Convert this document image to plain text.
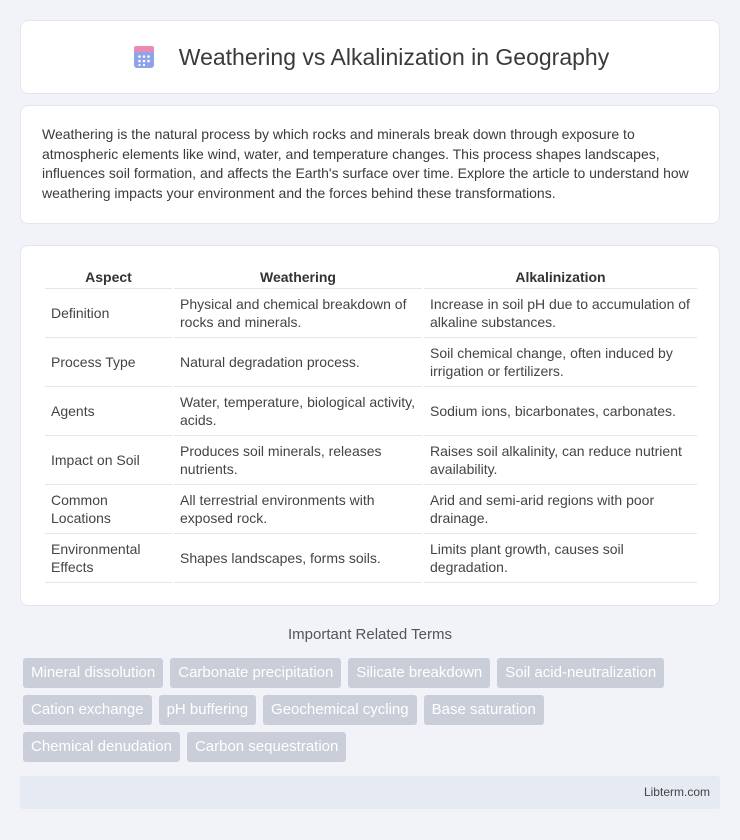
Weathering vs Alkalinization in Geography

Weathering is the natural process by which rocks and minerals break down through exposure to atmospheric elements like wind, water, and temperature changes. This process shapes landscapes, influences soil formation, and affects the Earth's surface over time. Explore the article to understand how weathering impacts your environment and the forces behind these transformations.

Aspect	Weathering	Alkalinization
Definition	Physical and chemical breakdown of rocks and minerals.	Increase in soil pH due to accumulation of alkaline substances.
Process Type	Natural degradation process.	Soil chemical change, often induced by irrigation or fertilizers.
Agents	Water, temperature, biological activity, acids.	Sodium ions, bicarbonates, carbonates.
Impact on Soil	Produces soil minerals, releases nutrients.	Raises soil alkalinity, can reduce nutrient availability.
Common Locations	All terrestrial environments with exposed rock.	Arid and semi-arid regions with poor drainage.
Environmental Effects	Shapes landscapes, forms soils.	Limits plant growth, causes soil degradation.
Important Related Terms
Mineral dissolution	Carbonate precipitation	Silicate breakdown	Soil acid-neutralization
Cation exchange	pH buffering	Geochemical cycling	Base saturation
Chemical denudation	Carbon sequestration
Libterm.com
